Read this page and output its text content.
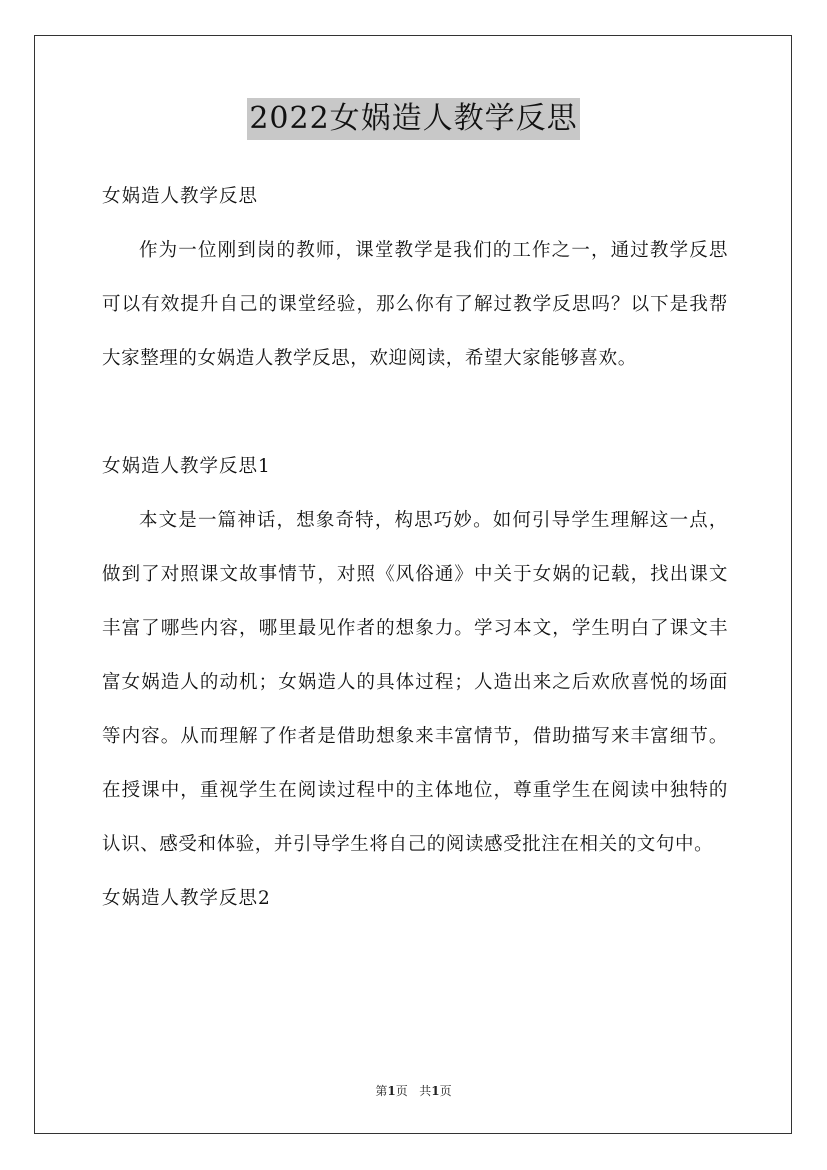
2022女娲造人教学反思

女娲造人教学反思

作为一位刚到岗的教师，课堂教学是我们的工作之一，通过教学反思可以有效提升自己的课堂经验，那么你有了解过教学反思吗？以下是我帮大家整理的女娲造人教学反思，欢迎阅读，希望大家能够喜欢。

女娲造人教学反思1

本文是一篇神话，想象奇特，构思巧妙。如何引导学生理解这一点，做到了对照课文故事情节，对照《风俗通》中关于女娲的记载，找出课文丰富了哪些内容，哪里最见作者的想象力。学习本文，学生明白了课文丰富女娲造人的动机；女娲造人的具体过程；人造出来之后欢欣喜悦的场面等内容。从而理解了作者是借助想象来丰富情节，借助描写来丰富细节。在授课中，重视学生在阅读过程中的主体地位，尊重学生在阅读中独特的认识、感受和体验，并引导学生将自己的阅读感受批注在相关的文句中。

女娲造人教学反思2

第1页 共1页
